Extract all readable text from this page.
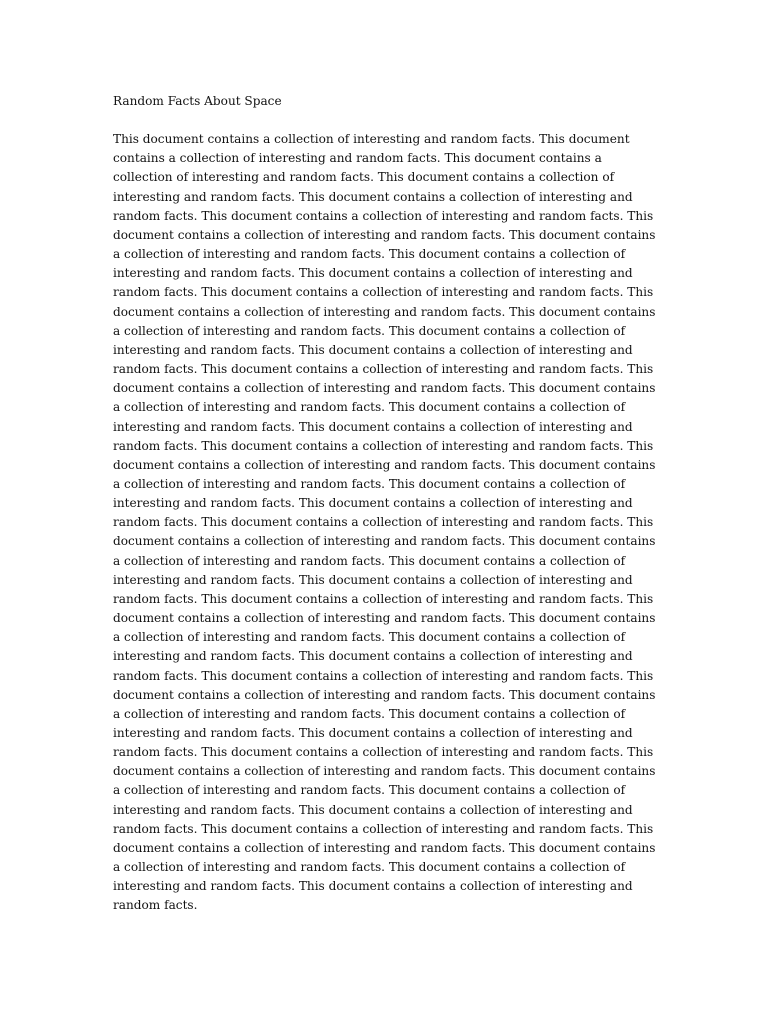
Random Facts About Space

This document contains a collection of interesting and random facts. This document contains a collection of interesting and random facts. This document contains a collection of interesting and random facts. This document contains a collection of interesting and random facts. This document contains a collection of interesting and random facts. This document contains a collection of interesting and random facts. This document contains a collection of interesting and random facts. This document contains a collection of interesting and random facts. This document contains a collection of interesting and random facts. This document contains a collection of interesting and random facts. This document contains a collection of interesting and random facts. This document contains a collection of interesting and random facts. This document contains a collection of interesting and random facts. This document contains a collection of interesting and random facts. This document contains a collection of interesting and random facts. This document contains a collection of interesting and random facts. This document contains a collection of interesting and random facts. This document contains a collection of interesting and random facts. This document contains a collection of interesting and random facts. This document contains a collection of interesting and random facts. This document contains a collection of interesting and random facts. This document contains a collection of interesting and random facts. This document contains a collection of interesting and random facts. This document contains a collection of interesting and random facts. This document contains a collection of interesting and random facts. This document contains a collection of interesting and random facts. This document contains a collection of interesting and random facts. This document contains a collection of interesting and random facts. This document contains a collection of interesting and random facts. This document contains a collection of interesting and random facts. This document contains a collection of interesting and random facts. This document contains a collection of interesting and random facts. This document contains a collection of interesting and random facts. This document contains a collection of interesting and random facts. This document contains a collection of interesting and random facts. This document contains a collection of interesting and random facts. This document contains a collection of interesting and random facts. This document contains a collection of interesting and random facts. This document contains a collection of interesting and random facts. This document contains a collection of interesting and random facts. This document contains a collection of interesting and random facts. This document contains a collection of interesting and random facts. This document contains a collection of interesting and random facts. This document contains a collection of interesting and random facts. This document contains a collection of interesting and random facts. This document contains a collection of interesting and random facts. This document contains a collection of interesting and random facts. This document contains a collection of interesting and random facts. This document contains a collection of interesting and random facts. This document contains a collection of interesting and random facts.
